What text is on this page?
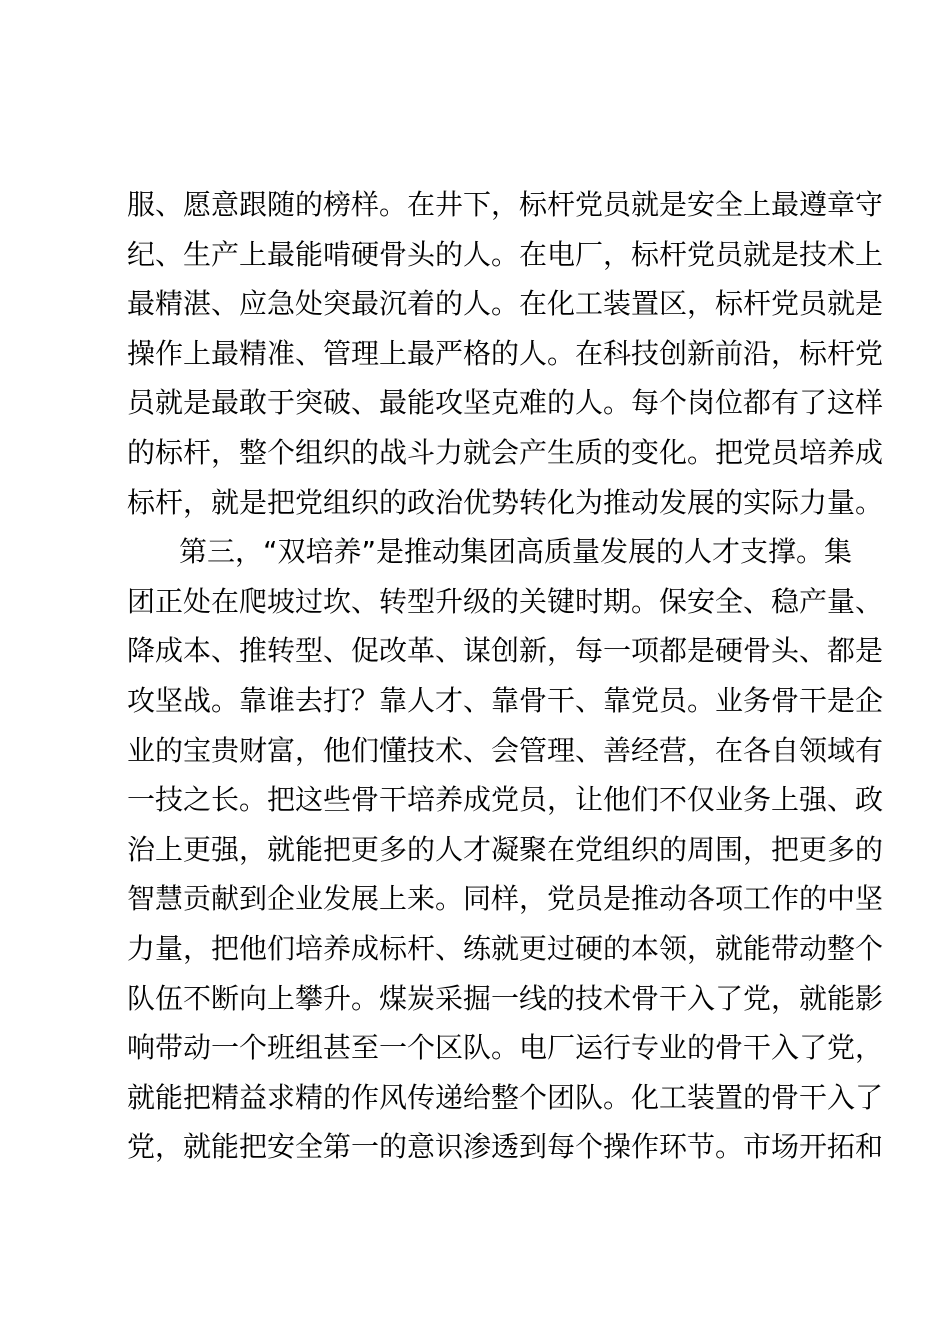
服、愿意跟随的榜样。在井下，标杆党员就是安全上最遵章守
纪、生产上最能啃硬骨头的人。在电厂，标杆党员就是技术上
最精湛、应急处突最沉着的人。在化工装置区，标杆党员就是
操作上最精准、管理上最严格的人。在科技创新前沿，标杆党
员就是最敢于突破、最能攻坚克难的人。每个岗位都有了这样
的标杆，整个组织的战斗力就会产生质的变化。把党员培养成
标杆，就是把党组织的政治优势转化为推动发展的实际力量。
第三，“双培养”是推动集团高质量发展的人才支撑。集
团正处在爬坡过坎、转型升级的关键时期。保安全、稳产量、
降成本、推转型、促改革、谋创新，每一项都是硬骨头、都是
攻坚战。靠谁去打？靠人才、靠骨干、靠党员。业务骨干是企
业的宝贵财富，他们懂技术、会管理、善经营，在各自领域有
一技之长。把这些骨干培养成党员，让他们不仅业务上强、政
治上更强，就能把更多的人才凝聚在党组织的周围，把更多的
智慧贡献到企业发展上来。同样，党员是推动各项工作的中坚
力量，把他们培养成标杆、练就更过硬的本领，就能带动整个
队伍不断向上攀升。煤炭采掘一线的技术骨干入了党，就能影
响带动一个班组甚至一个区队。电厂运行专业的骨干入了党，
就能把精益求精的作风传递给整个团队。化工装置的骨干入了
党，就能把安全第一的意识渗透到每个操作环节。市场开拓和
